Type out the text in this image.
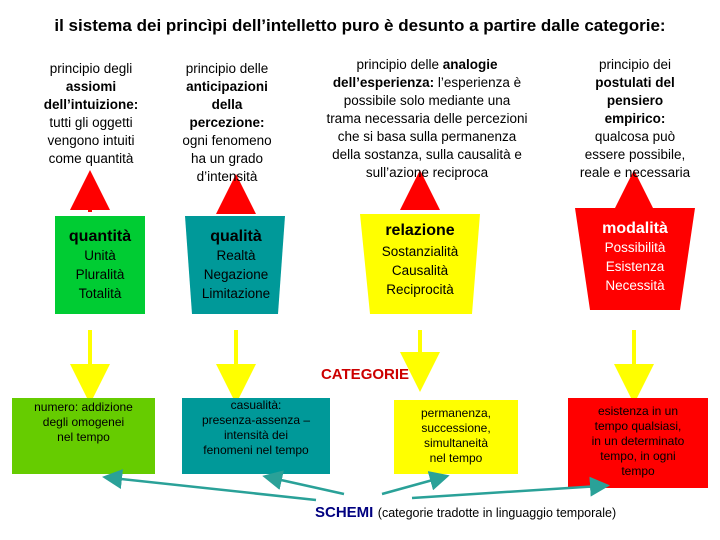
il sistema dei princìpi dell’intelletto puro è desunto a partire dalle categorie:
principio degli
assiomi
dell’intuizione:
tutti gli oggetti
vengono intuiti
come quantità
principio delle
anticipazioni
della
percezione:
ogni fenomeno
ha un grado
d’intensità
principio delle analogie
dell’esperienza: l’esperienza è
possibile solo mediante una
trama necessaria delle percezioni
che si basa sulla permanenza
della sostanza, sulla causalità e
sull’azione reciproca
principio dei
postulati del
pensiero
empirico:
qualcosa può
essere possibile,
reale e necessaria
quantità
Unità
Pluralità
Totalità
qualità
Realtà
Negazione
Limitazione
relazione
Sostanzialità
Causalità
Reciprocità
modalità
Possibilità
Esistenza
Necessità
CATEGORIE
numero: addizione
degli omogenei
nel tempo
casualità:
presenza-assenza –
intensità dei
fenomeni nel tempo
permanenza,
successione,
simultaneità
nel tempo
esistenza in un
tempo qualsiasi,
in un determinato
tempo, in ogni
tempo
SCHEMI (categorie tradotte in linguaggio temporale)
